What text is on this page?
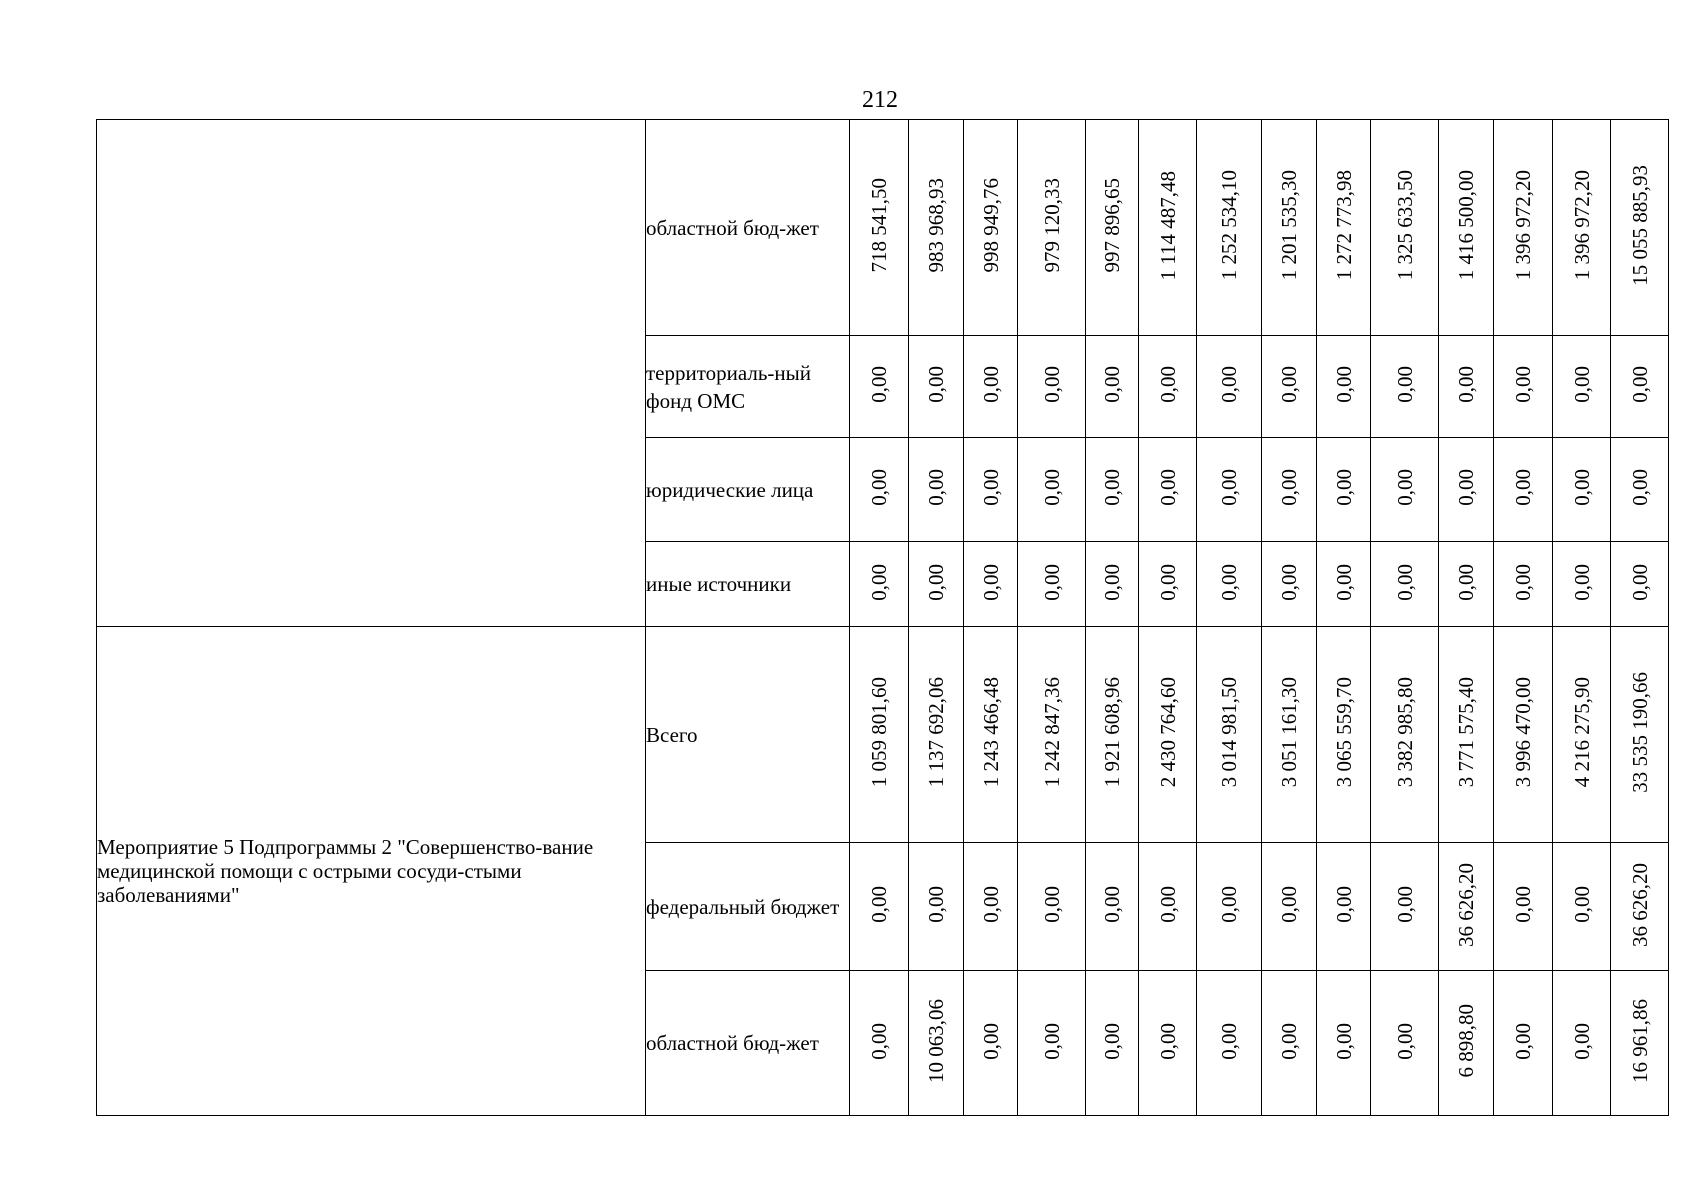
212
	областной бюд-жет	718 541,50	983 968,93	998 949,76	979 120,33	997 896,65	1 114 487,48	1 252 534,10	1 201 535,30	1 272 773,98	1 325 633,50	1 416 500,00	1 396 972,20	1 396 972,20	15 055 885,93
	территориаль-ный фонд ОМС	0,00	0,00	0,00	0,00	0,00	0,00	0,00	0,00	0,00	0,00	0,00	0,00	0,00	0,00
	юридические лица	0,00	0,00	0,00	0,00	0,00	0,00	0,00	0,00	0,00	0,00	0,00	0,00	0,00	0,00
	иные источники	0,00	0,00	0,00	0,00	0,00	0,00	0,00	0,00	0,00	0,00	0,00	0,00	0,00	0,00
Мероприятие 5 Подпрограммы 2 "Совершенство-вание медицинской помощи с острыми сосуди-стыми заболеваниями"	Всего	1 059 801,60	1 137 692,06	1 243 466,48	1 242 847,36	1 921 608,96	2 430 764,60	3 014 981,50	3 051 161,30	3 065 559,70	3 382 985,80	3 771 575,40	3 996 470,00	4 216 275,90	33 535 190,66
	федеральный бюджет	0,00	0,00	0,00	0,00	0,00	0,00	0,00	0,00	0,00	0,00	36 626,20	0,00	0,00	36 626,20
	областной бюд-жет	0,00	10 063,06	0,00	0,00	0,00	0,00	0,00	0,00	0,00	0,00	6 898,80	0,00	0,00	16 961,86
